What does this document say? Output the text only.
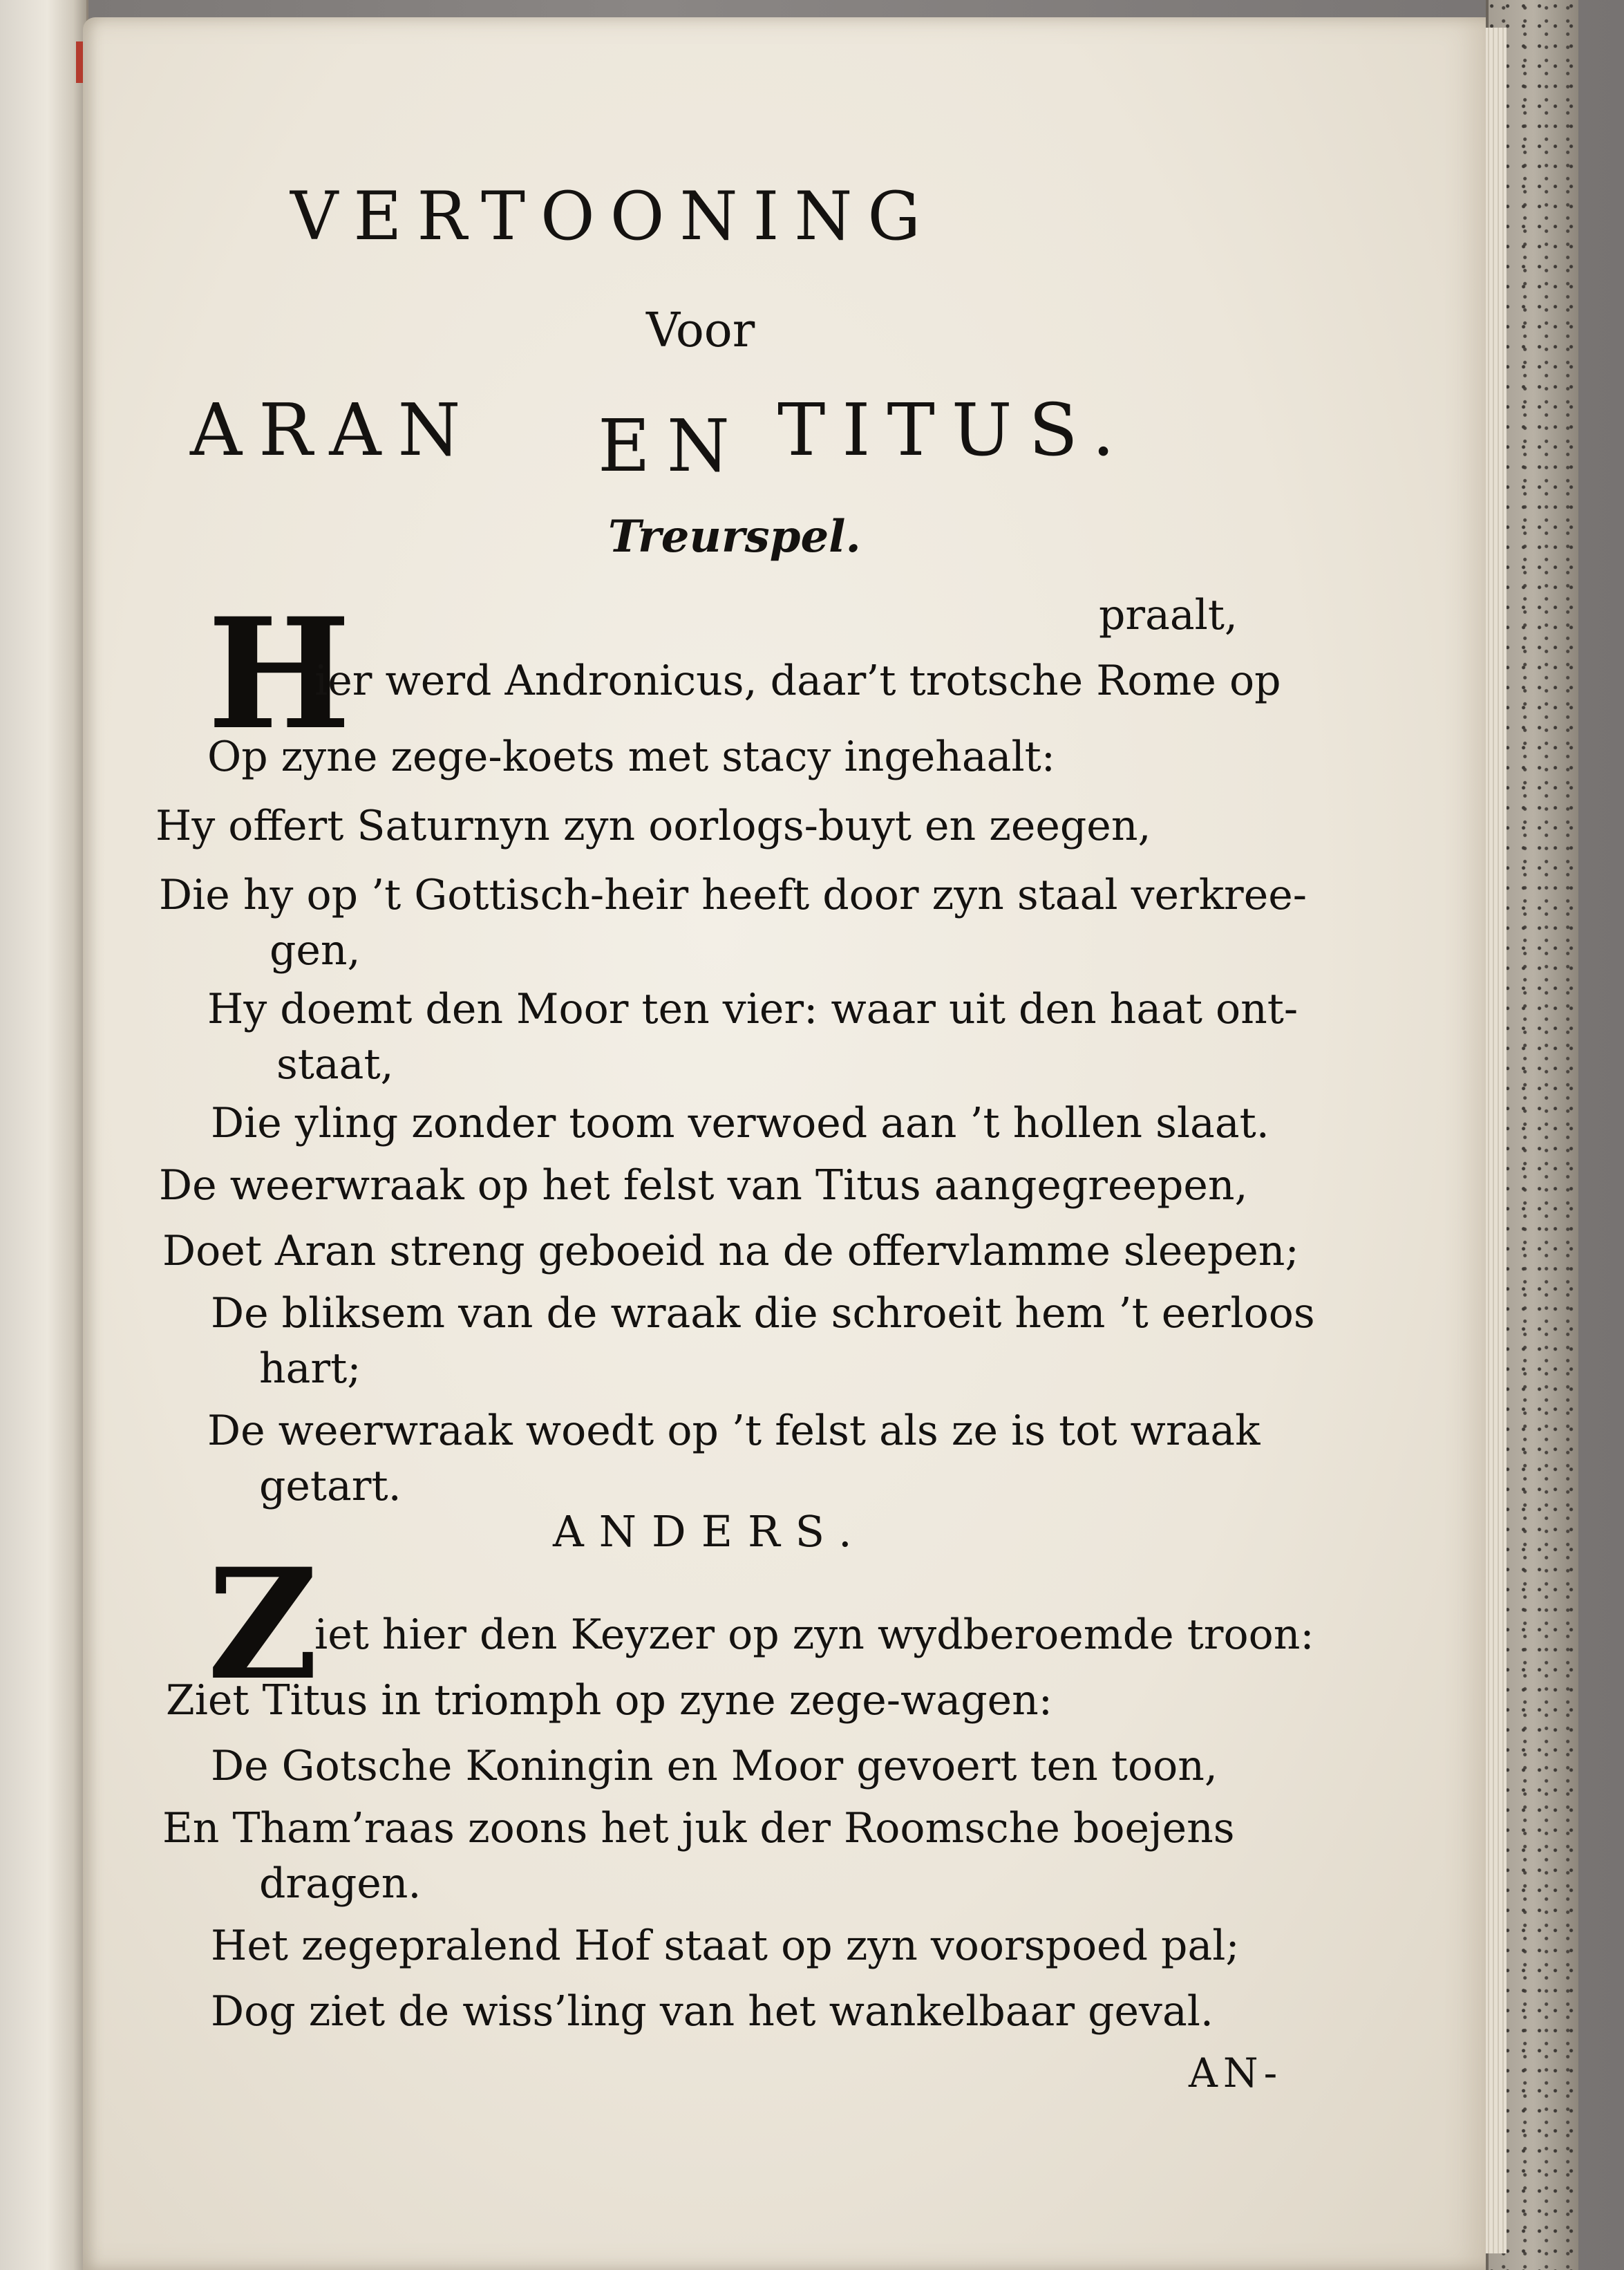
VERTOONING
Voor
ARAN EN TITUS.
Treurspel.
H	praalt,
ier werd Andronicus, daar’t trotsche Rome op
Op zyne zege-koets met stacy ingehaalt:
Hy offert Saturnyn zyn oorlogs-buyt en zeegen,
Die hy op ’t Gottisch-heir heeft door zyn staal verkree-
gen,
Hy doemt den Moor ten vier: waar uit den haat ont-
staat,
Die yling zonder toom verwoed aan ’t hollen slaat.
De weerwraak op het felst van Titus aangegreepen,
Doet Aran streng geboeid na de offervlamme sleepen;
De bliksem van de wraak die schroeit hem ’t eerloos
hart;
De weerwraak woedt op ’t felst als ze is tot wraak
getart.
ANDERS.
Z
iet hier den Keyzer op zyn wydberoemde troon:
Ziet Titus in triomph op zyne zege-wagen:
De Gotsche Koningin en Moor gevoert ten toon,
En Tham’raas zoons het juk der Roomsche boejens
dragen.
Het zegepralend Hof staat op zyn voorspoed pal;
Dog ziet de wiss’ling van het wankelbaar geval.
AN-
